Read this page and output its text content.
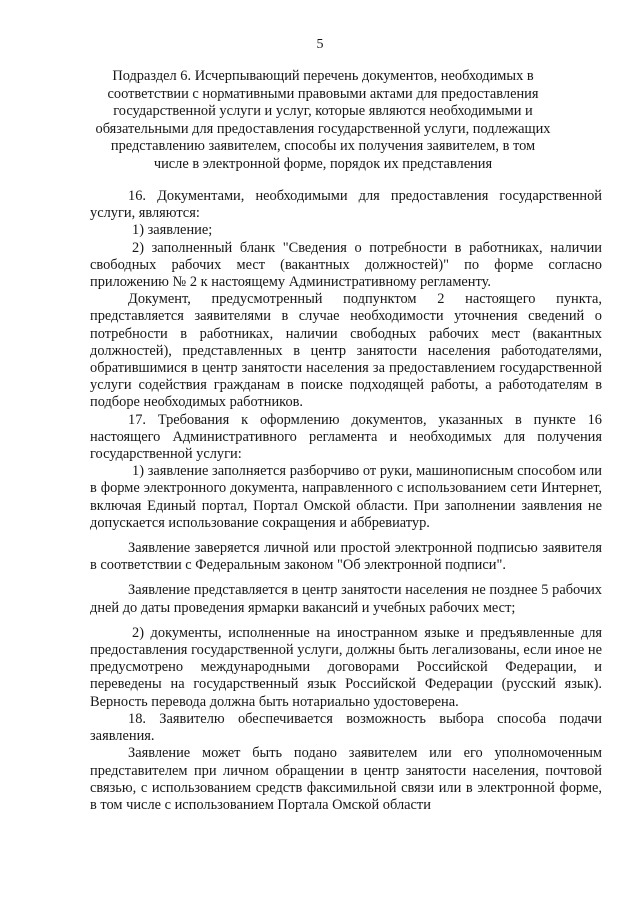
5
Подраздел 6. Исчерпывающий перечень документов, необходимых в соответствии с нормативными правовыми актами для предоставления государственной услуги и услуг, которые являются необходимыми и обязательными для предоставления государственной услуги, подлежащих представлению заявителем, способы их получения заявителем, в том числе в электронной форме, порядок их представления

16. Документами, необходимыми для предоставления государственной услуги, являются:

1) заявление;

2) заполненный бланк "Сведения о потребности в работниках, наличии свободных рабочих мест (вакантных должностей)" по форме согласно приложению № 2 к настоящему Административному регламенту.

Документ, предусмотренный подпунктом 2 настоящего пункта, представляется заявителями в случае необходимости уточнения сведений о потребности в работниках, наличии свободных рабочих мест (вакантных должностей), представленных в центр занятости населения работодателями, обратившимися в центр занятости населения за предоставлением государственной услуги содействия гражданам в поиске подходящей работы, а работодателям в подборе необходимых работников.

17. Требования к оформлению документов, указанных в пункте 16 настоящего Административного регламента и необходимых для получения государственной услуги:

1) заявление заполняется разборчиво от руки, машинописным способом или в форме электронного документа, направленного с использованием сети Интернет, включая Единый портал, Портал Омской области. При заполнении заявления не допускается использование сокращения и аббревиатур.

Заявление заверяется личной или простой электронной подписью заявителя в соответствии с Федеральным законом "Об электронной подписи".

Заявление представляется в центр занятости населения не позднее 5 рабочих дней до даты проведения ярмарки вакансий и учебных рабочих мест;

2) документы, исполненные на иностранном языке и предъявленные для предоставления государственной услуги, должны быть легализованы, если иное не предусмотрено международными договорами Российской Федерации, и переведены на государственный язык Российской Федерации (русский язык). Верность перевода должна быть нотариально удостоверена.

18. Заявителю обеспечивается возможность выбора способа подачи заявления.

Заявление может быть подано заявителем или его уполномоченным представителем при личном обращении в центр занятости населения, почтовой связью, с использованием средств факсимильной связи или в электронной форме, в том числе с использованием Портала Омской области
